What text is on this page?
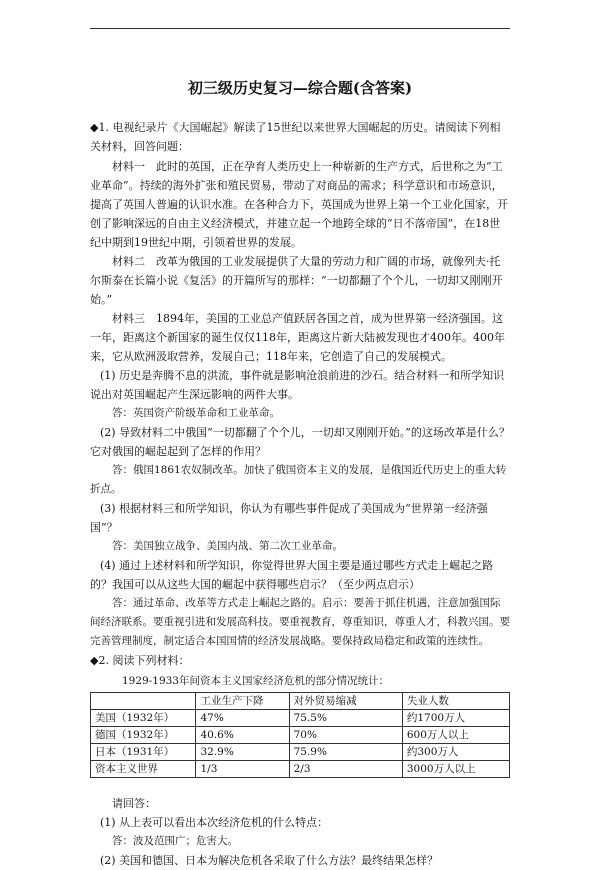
初三级历史复习—综合题(含答案)

◆1. 电视纪录片《大国崛起》解读了15世纪以来世界大国崛起的历史。请阅读下列相关材料，回答问题：

材料一　此时的英国，正在孕育人类历史上一种崭新的生产方式，后世称之为“工业革命”。持续的海外扩张和殖民贸易，带动了对商品的需求；科学意识和市场意识，提高了英国人普遍的认识水准。在各种合力下，英国成为世界上第一个工业化国家，开创了影响深远的自由主义经济模式，并建立起一个地跨全球的“日不落帝国”，在18世纪中期到19世纪中期，引领着世界的发展。

材料二　改革为俄国的工业发展提供了大量的劳动力和广阔的市场，就像列夫·托尔斯泰在长篇小说《复活》的开篇所写的那样：“一切都翻了个个儿，一切却又刚刚开始。”

材料三　1894年，美国的工业总产值跃居各国之首，成为世界第一经济强国。这一年，距离这个新国家的诞生仅仅118年，距离这片新大陆被发现也才400年。400年来，它从欧洲汲取营养，发展自己；118年来，它创造了自己的发展模式。

(1) 历史是奔腾不息的洪流，事件就是影响沧浪前进的沙石。结合材料一和所学知识说出对英国崛起产生深远影响的两件大事。

答：英国资产阶级革命和工业革命。

(2) 导致材料二中俄国“一切都翻了个个儿，一切却又刚刚开始。”的这场改革是什么？它对俄国的崛起起到了怎样的作用？

答：俄国1861农奴制改革。加快了俄国资本主义的发展，是俄国近代历史上的重大转折点。

(3) 根据材料三和所学知识，你认为有哪些事件促成了美国成为“世界第一经济强国”？

答：美国独立战争、美国内战、第二次工业革命。

(4) 通过上述材料和所学知识，你觉得世界大国主要是通过哪些方式走上崛起之路的？我国可以从这些大国的崛起中获得哪些启示？（至少两点启示）

答：通过革命、改革等方式走上崛起之路的。启示：要善于抓住机遇，注意加强国际间经济联系。要重视引进和发展高科技。要重视教育，尊重知识，尊重人才，科教兴国。要完善管理制度，制定适合本国国情的经济发展战略。要保持政局稳定和政策的连续性。

◆2. 阅读下列材料：

1929-1933年间资本主义国家经济危机的部分情况统计：

	工业生产下降	对外贸易缩减	失业人数
美国（1932年）	47%	75.5%	约1700万人
德国（1932年）	40.6%	70%	600万人以上
日本（1931年）	32.9%	75.9%	约300万人
资本主义世界	1/3	2/3	3000万人以上

请回答：

(1) 从上表可以看出本次经济危机的什么特点：

答：波及范围广；危害大。

(2) 美国和德国、日本为解决危机各采取了什么方法？最终结果怎样？
